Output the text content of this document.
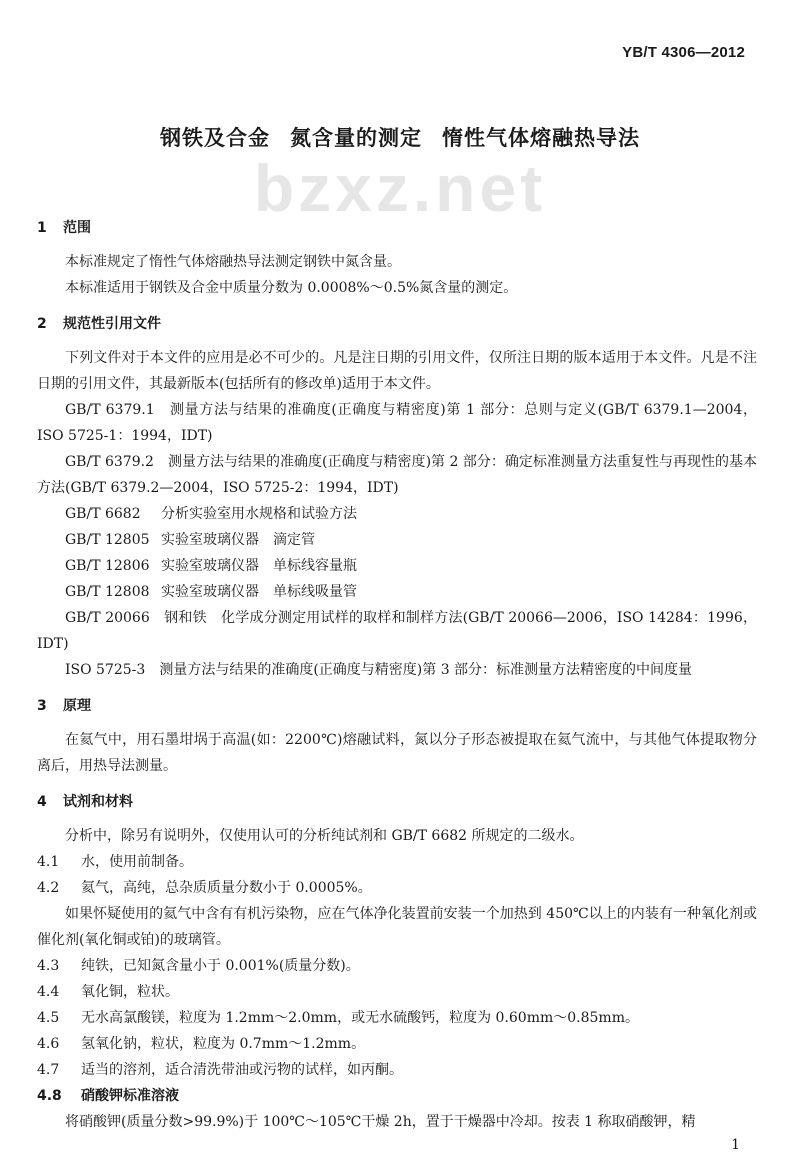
YB/T 4306—2012
钢铁及合金 氮含量的测定 惰性气体熔融热导法
bzxz.net
1 范围
本标准规定了惰性气体熔融热导法测定钢铁中氮含量。
本标准适用于钢铁及合金中质量分数为 0.0008%～0.5%氮含量的测定。
2 规范性引用文件
下列文件对于本文件的应用是必不可少的。凡是注日期的引用文件，仅所注日期的版本适用于本文件。凡是不注日期的引用文件，其最新版本(包括所有的修改单)适用于本文件。
GB/T 6379.1　测量方法与结果的准确度(正确度与精密度)第 1 部分：总则与定义(GB/T 6379.1—2004，ISO 5725-1：1994，IDT)
GB/T 6379.2　测量方法与结果的准确度(正确度与精密度)第 2 部分：确定标准测量方法重复性与再现性的基本方法(GB/T 6379.2—2004，ISO 5725-2：1994，IDT)
GB/T 6682 分析实验室用水规格和试验方法
GB/T 12805 实验室玻璃仪器　滴定管
GB/T 12806 实验室玻璃仪器　单标线容量瓶
GB/T 12808 实验室玻璃仪器　单标线吸量管
GB/T 20066　钢和铁　化学成分测定用试样的取样和制样方法(GB/T 20066—2006，ISO 14284：1996，IDT)
ISO 5725-3　测量方法与结果的准确度(正确度与精密度)第 3 部分：标准测量方法精密度的中间度量
3 原理
在氦气中，用石墨坩埚于高温(如：2200℃)熔融试料，氮以分子形态被提取在氦气流中，与其他气体提取物分离后，用热导法测量。
4 试剂和材料
分析中，除另有说明外，仅使用认可的分析纯试剂和 GB/T 6682 所规定的二级水。
4.1 水，使用前制备。
4.2 氦气，高纯，总杂质质量分数小于 0.0005%。
如果怀疑使用的氦气中含有有机污染物，应在气体净化装置前安装一个加热到 450℃以上的内装有一种氧化剂或催化剂(氧化铜或铂)的玻璃管。
4.3 纯铁，已知氮含量小于 0.001%(质量分数)。
4.4 氧化铜，粒状。
4.5 无水高氯酸镁，粒度为 1.2mm～2.0mm，或无水硫酸钙，粒度为 0.60mm～0.85mm。
4.6 氢氧化钠，粒状，粒度为 0.7mm～1.2mm。
4.7 适当的溶剂，适合清洗带油或污物的试样，如丙酮。
4.8 硝酸钾标准溶液
将硝酸钾(质量分数>99.9%)于 100℃～105℃干燥 2h，置于干燥器中冷却。按表 1 称取硝酸钾，精
1
